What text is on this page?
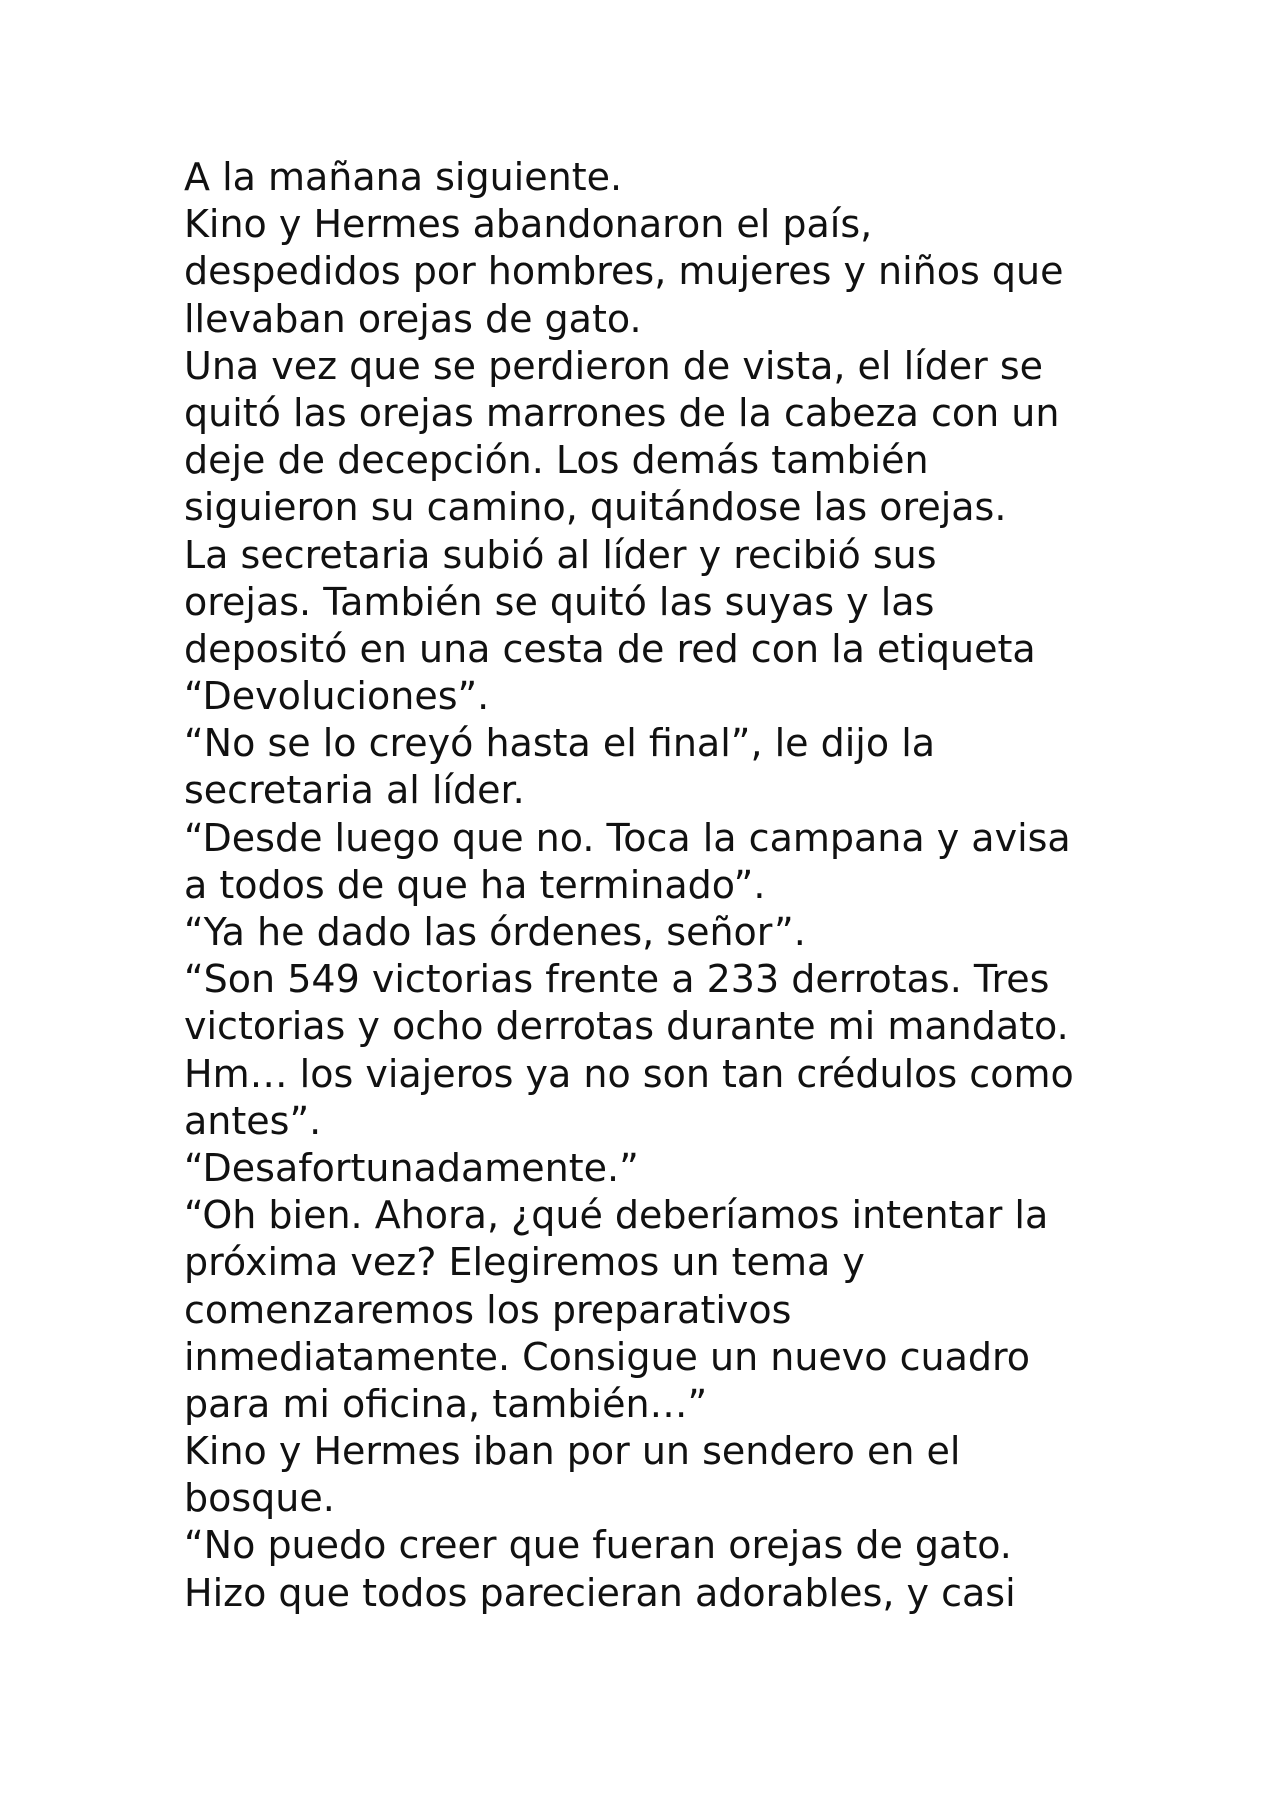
A la mañana siguiente.
Kino y Hermes abandonaron el país,
despedidos por hombres, mujeres y niños que
llevaban orejas de gato.
Una vez que se perdieron de vista, el líder se
quitó las orejas marrones de la cabeza con un
deje de decepción. Los demás también
siguieron su camino, quitándose las orejas.
La secretaria subió al líder y recibió sus
orejas. También se quitó las suyas y las
depositó en una cesta de red con la etiqueta
“Devoluciones”.
“No se lo creyó hasta el final”, le dijo la
secretaria al líder.
“Desde luego que no. Toca la campana y avisa
a todos de que ha terminado”.
“Ya he dado las órdenes, señor”.
“Son 549 victorias frente a 233 derrotas. Tres
victorias y ocho derrotas durante mi mandato.
Hm… los viajeros ya no son tan crédulos como
antes”.
“Desafortunadamente.”
“Oh bien. Ahora, ¿qué deberíamos intentar la
próxima vez? Elegiremos un tema y
comenzaremos los preparativos
inmediatamente. Consigue un nuevo cuadro
para mi oficina, también…”
Kino y Hermes iban por un sendero en el
bosque.
“No puedo creer que fueran orejas de gato.
Hizo que todos parecieran adorables, y casi
